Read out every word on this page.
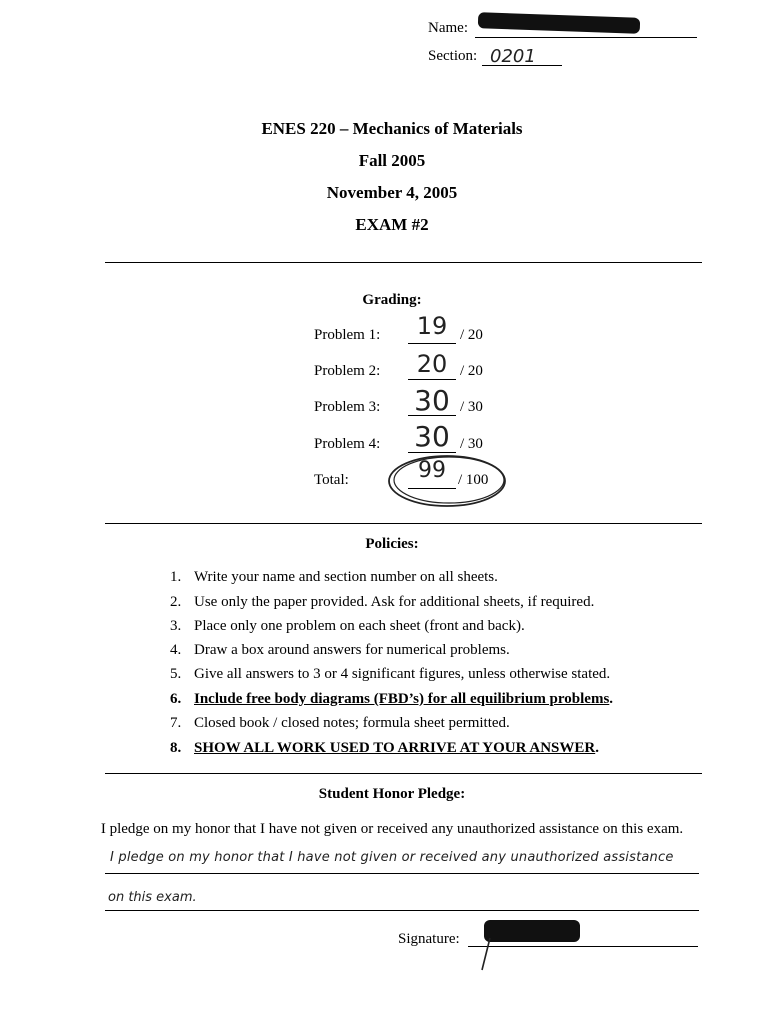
Name:
Section: 0201
ENES 220 – Mechanics of Materials
Fall 2005
November 4, 2005
EXAM #2
Grading:
Problem 1:	19 / 20
Problem 2:	20 / 20
Problem 3: 30 / 30
Problem 4: 30 / 30
Total:	99 / 100
Policies:
1. Write your name and section number on all sheets.
2. Use only the paper provided. Ask for additional sheets, if required.
3. Place only one problem on each sheet (front and back).
4. Draw a box around answers for numerical problems.
5. Give all answers to 3 or 4 significant figures, unless otherwise stated.
6. Include free body diagrams (FBD’s) for all equilibrium problems.
7. Closed book / closed notes; formula sheet permitted.
8. SHOW ALL WORK USED TO ARRIVE AT YOUR ANSWER.
Student Honor Pledge:
I pledge on my honor that I have not given or received any unauthorized assistance on this exam.
I pledge on my honor that I have not given or received any unauthorized assistance
on this exam.
Signature:
